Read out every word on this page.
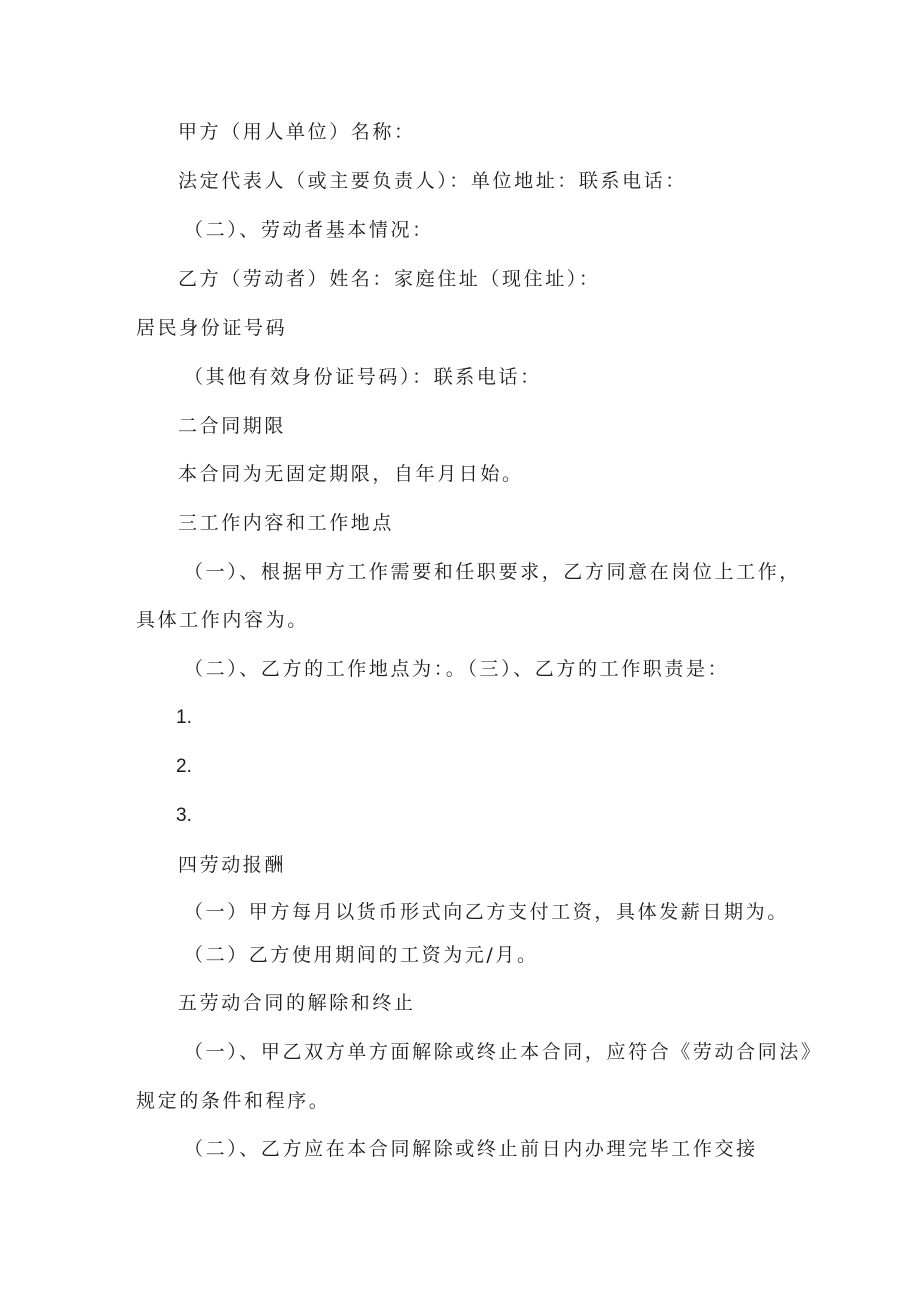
甲方（用人单位）名称：
法定代表人（或主要负责人）：单位地址：联系电话：
（二）、劳动者基本情况：
乙方（劳动者）姓名：家庭住址（现住址）：
居民身份证号码
（其他有效身份证号码）：联系电话：
二合同期限
本合同为无固定期限，自年月日始。
三工作内容和工作地点
（一）、根据甲方工作需要和任职要求，乙方同意在岗位上工作，
具体工作内容为。
（二）、乙方的工作地点为：。（三）、乙方的工作职责是：
1.
2.
3.
四劳动报酬
（一）甲方每月以货币形式向乙方支付工资，具体发薪日期为。
（二）乙方使用期间的工资为元/月。
五劳动合同的解除和终止
（一）、甲乙双方单方面解除或终止本合同，应符合《劳动合同法》
规定的条件和程序。
（二）、乙方应在本合同解除或终止前日内办理完毕工作交接
